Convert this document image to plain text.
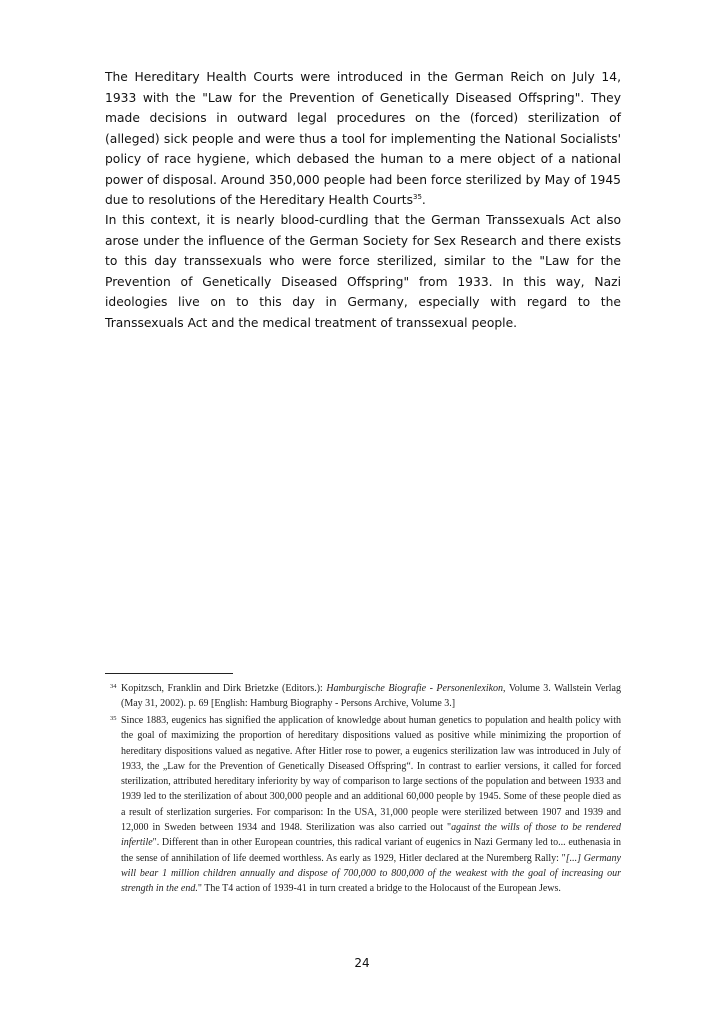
The Hereditary Health Courts were introduced in the German Reich on July 14, 1933 with the "Law for the Prevention of Genetically Diseased Offspring". They made decisions in outward legal procedures on the (forced) sterilization of (alleged) sick people and were thus a tool for implementing the National Socialists' policy of race hygiene, which debased the human to a mere object of a national power of disposal. Around 350,000 people had been force sterilized by May of 1945 due to resolutions of the Hereditary Health Courts$^{35}$.

In this context, it is nearly blood-curdling that the German Transsexuals Act also arose under the influence of the German Society for Sex Research and there exists to this day transsexuals who were force sterilized, similar to the "Law for the Prevention of Genetically Diseased Offspring" from 1933. In this way, Nazi ideologies live on to this day in Germany, especially with regard to the Transsexuals Act and the medical treatment of transsexual people.

34 Kopitzsch, Franklin and Dirk Brietzke (Editors.): Hamburgische Biografie - Personenlexikon, Volume 3. Wallstein Verlag (May 31, 2002). p. 69 [English: Hamburg Biography - Persons Archive, Volume 3.]

35 Since 1883, eugenics has signified the application of knowledge about human genetics to population and health policy with the goal of maximizing the proportion of hereditary dispositions valued as positive while minimizing the proportion of hereditary dispositions valued as negative. After Hitler rose to power, a eugenics sterilization law was introduced in July of 1933, the „Law for the Prevention of Genetically Diseased Offspring“. In contrast to earlier versions, it called for forced sterilization, attributed hereditary inferiority by way of comparison to large sections of the population and between 1933 and 1939 led to the sterilization of about 300,000 people and an additional 60,000 people by 1945. Some of these people died as a result of sterlization surgeries. For comparison: In the USA, 31,000 people were sterilized between 1907 and 1939 and 12,000 in Sweden between 1934 and 1948. Sterilization was also carried out "against the wills of those to be rendered infertile". Different than in other European countries, this radical variant of eugenics in Nazi Germany led to... euthenasia in the sense of annihilation of life deemed worthless. As early as 1929, Hitler declared at the Nuremberg Rally: "[...] Germany will bear 1 million children annually and dispose of 700,000 to 800,000 of the weakest with the goal of increasing our strength in the end." The T4 action of 1939-41 in turn created a bridge to the Holocaust of the European Jews.

24
